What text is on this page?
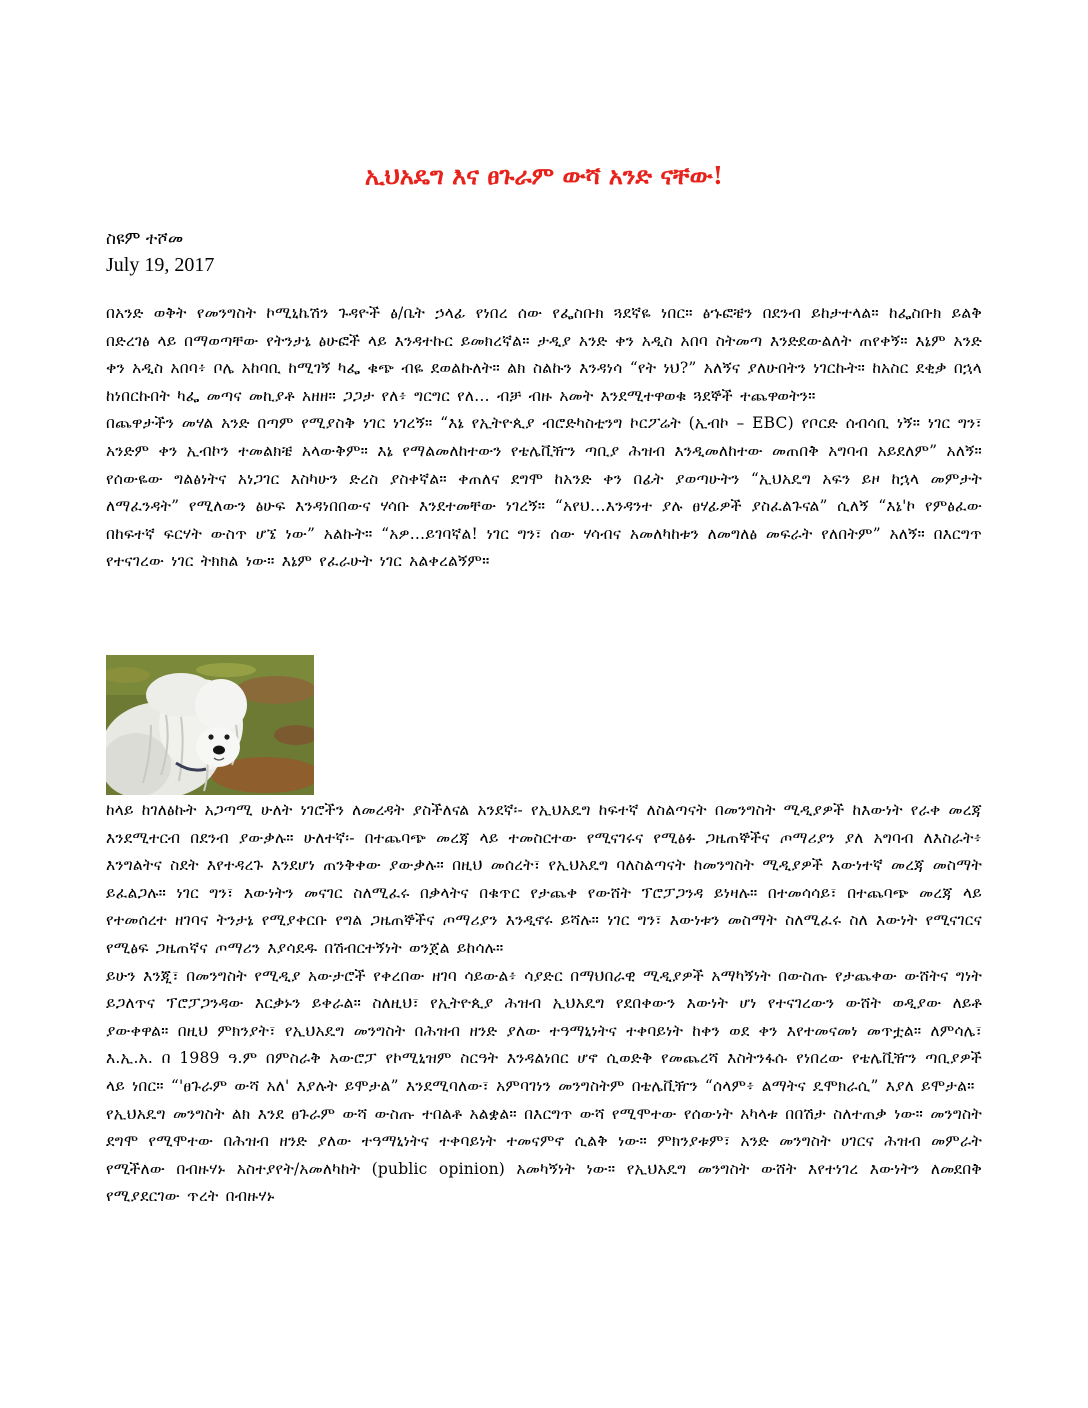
ኢህአዴግ እና ፀጉራም ውሻ አንድ ናቸው!
ስዩም ተሾመ
July 19, 2017

በአንድ ወቅት የመንግስት ኮሚኒኬሽን ጉዳዮች ፅ/ቤት ኃላፊ የነበረ ሰው የፌስቡክ ጓደኛዬ ነበር። ፅኁፎቼን በደንብ ይከታተላል። ከፌስቡክ ይልቅ በድረገፅ ላይ በማወጣቸው የትንታኔ ፅሁፎች ላይ እንዳተኩር ይመክረኛል። ታዲያ አንድ ቀን አዲስ አበባ ስትመጣ እንድደውልለት ጠየቀኝ። እኔም አንድ ቀን አዲስ አበባ፥ ቦሌ አከባቢ ከሚገኝ ካፌ ቁጭ ብዬ ደወልኩለት። ልክ ስልኩን እንዳነሳ “የት ነህ?” አለኝና ያለሁበትን ነገርኩት። ከአስር ደቂቃ በኋላ ከነበርኩበት ካፌ መጣና መኪያቶ አዘዘ። ጋጋታ የለ፥ ግርግር የለ… ብቻ ብዙ አመት እንደሚተዋወቁ ጓደኞች ተጨዋወትን።

በጨዋታችን መሃል አንድ በጣም የሚያስቅ ነገር ነገረኝ። “እኔ የኢትዮጲያ ብሮድካስቲንግ ኮርፖሬት (ኢብኮ – EBC) የቦርድ ሰብሳቢ ነኝ። ነገር ግን፣ አንድም ቀን ኢብኮን ተመልክቼ አላውቅም። እኔ የማልመለከተውን የቴሌቪዥን ጣቢያ ሕዝብ እንዲመለከተው መጠበቅ አግባብ አይደለም” አለኝ። የሰውዬው ግልፅነትና አነጋገር እስካሁን ድረስ ያስቀኛል። ቀጠለና ደግሞ ከአንድ ቀን በፊት ያወጣሁትን “ኢህአዴግ አፍን ይዞ ከኋላ መምታት ለማፈንዳት” የሚለውን ፅሁፍ እንዳነበበውና ሃሳቡ እንደተመቸው ነገረኝ። “አየህ…እንዳንተ ያሉ ፀሃፊዎች ያስፈልጉናል” ሲለኝ “እኔ'ኮ የምፅፈው በከፍተኛ ፍርሃት ውስጥ ሆኜ ነው” አልኩት። “አዎ…ይገባኛል! ነገር ግን፣ ሰው ሃሳብና አመለካከቱን ለመግለፅ መፍራት የለበትም” አለኝ። በእርግጥ የተናገረው ነገር ትክክል ነው። እኔም የፈራሁት ነገር አልቀረልኝም።

ከላይ ከገለፅኩት አጋጣሚ ሁለት ነገሮችን ለመረዳት ያስችለናል አንደኛ፡- የኢህአዴግ ከፍተኛ ለስልጣናት በመንግስት ሚዲያዎች ከእውነት የራቀ መረጃ እንደሚተርብ በደንብ ያውቃሉ። ሁለተኛ፡- በተጨባጭ መረጃ ላይ ተመስርተው የሚናገሩና የሚፅፉ ጋዜጠኞችና ጦማሪያን ያለ አግባብ ለእስራት፥ እንግልትና ስደት እየተዳረጉ እንደሆነ ጠንቅቀው ያውቃሉ። በዚህ መሰረት፣ የኢህአዴግ ባለስልጣናት ከመንግስት ሚዲያዎች እውነተኛ መረጃ መስማት ይፈልጋሉ። ነገር ግን፣ እውነትን መናገር ስለሚፈሩ በቃላትና በቁጥር የታጨቀ የውሸት ፕሮፓጋንዳ ይነዛሉ። በተመሳሳይ፣ በተጨባጭ መረጃ ላይ የተመሰረተ ዘገባና ትንታኔ የሚያቀርቡ የግል ጋዜጠኞችና ጦማሪያን እንዲኖሩ ይሻሉ። ነገር ግን፣ እውነቱን መስማት ስለሚፈሩ ስለ እውነት የሚናገርና የሚፅፍ ጋዜጠኛና ጦማሪን እያሳደዱ በሽብርተኝነት ወንጀል ይከሳሉ።

ይሁን እንጂ፣ በመንግስት የሚዲያ አውታሮች የቀረበው ዘገባ ሳይውል፥ ሳያድር በማህበራዊ ሚዲያዎች አማካኝነት በውስጡ የታጨቀው ውሸትና ግነት ይጋለጥና ፕሮፓጋንዳው እርቃኑን ይቀራል። ስለዚህ፣ የኢትዮጲያ ሕዝብ ኢህአዴግ የደበቀውን እውነት ሆነ የተናገረውን ውሸት ወዲያው ለይቶ ያውቀዋል። በዚህ ምክንያት፣ የኢህአዴግ መንግስት በሕዝብ ዘንድ ያለው ተዓማኒነትና ተቀባይነት ከቀን ወደ ቀን እየተመናመነ መጥቷል። ለምሳሌ፣ እ.ኢ.አ. በ 1989 ዓ.ም በምስራቅ አውሮፓ የኮሚኒዝም ስርዓት እንዳልነበር ሆኖ ሲወድቅ የመጨረሻ እስትንፋሱ የነበረው የቴሌቪዥን ጣቢያዎች ላይ ነበር። “'ፀጉራም ውሻ አለ' እያሉት ይሞታል” እንደሚባለው፣ አምባገነን መንግስትም በቴሌቪዥን “ሰላም፥ ልማትና ዴሞክራሲ” እያለ ይሞታል።

የኢህአዴግ መንግስት ልክ እንደ ፀጉራም ውሻ ውስጡ ተበልቶ አልቋል። በእርግጥ ውሻ የሚሞተው የሰውነት አካላቱ በበሽታ ስለተጠቃ ነው። መንግስት ደግሞ የሚሞተው በሕዝብ ዘንድ ያለው ተዓማኒነትና ተቀባይነት ተመናምኖ ሲልቅ ነው። ምክንያቱም፣ አንድ መንግስት ሀገርና ሕዝብ መምራት የሚችለው በብዙሃኑ አስተያየት/አመለካከት (public opinion) አመካኝነት ነው። የኢህአዴግ መንግስት ውሸት እየተነገረ እውነትን ለመደበቅ የሚያደርገው ጥረት በብዙሃኑ
